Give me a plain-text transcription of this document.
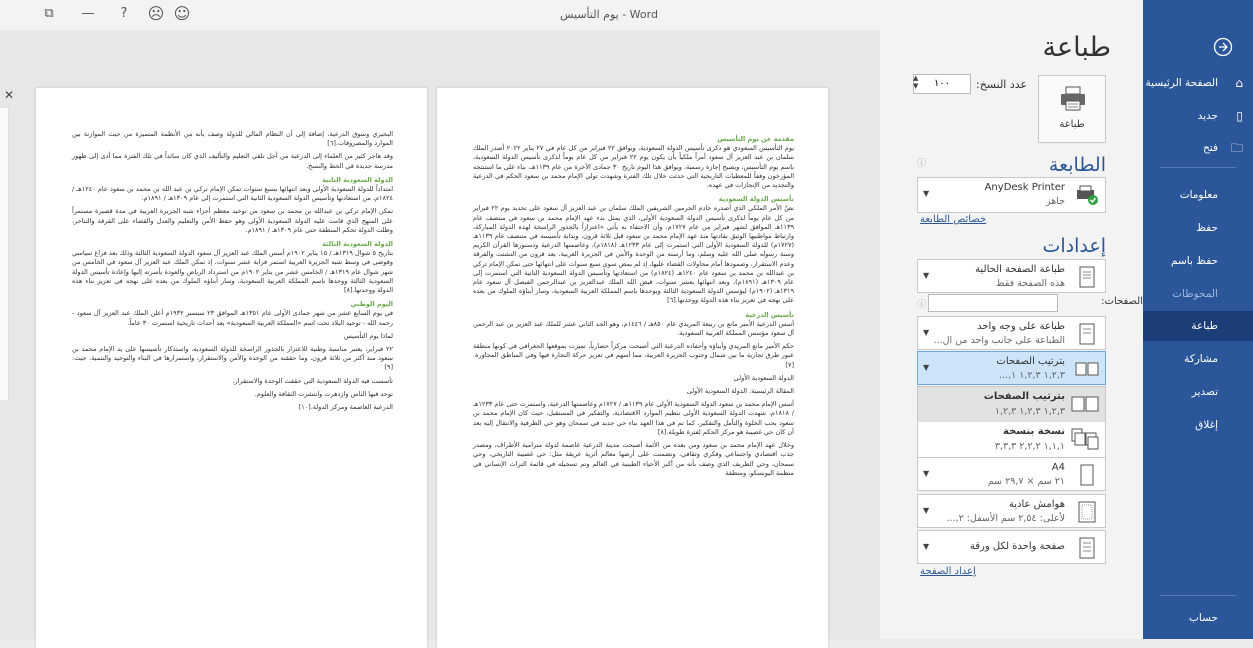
⧉	—	?	☹ ☺	يوم التأسيس - Word
✕
مقدمة عن يوم التأسيس

يوم التأسيس السعودي هو ذكرى تأسيس الدولة السعودية، ويوافق ٢٢ فبراير من كل عام في ٢٧ يناير ٢٠٢٢ أصدر الملك سلمان بن عبد العزيز آل سعود أمراً ملكياً بأن يكون يوم ٢٢ فبراير من كل عام يوماً لذكرى تأسيس الدولة السعودية، باسم يوم التأسيس، ويصبح إجازة رسمية، ويوافق هذا اليوم تاريخ ٣٠ جمادى الآخرة من عام ١١٣٩هـ، بناء على ما استنتجه المؤرخون وفقاً للمعطيات التاريخية التي حدثت خلال تلك الفترة وشهدت تولي الإمام محمد بن سعود الحكم في الدرعية والتجديد من الإنجازات في عهده.

تأسيس الدولة السعودية

نصّ الأمر الملكي الذي أصدره خادم الحرمين الشريفين الملك سلمان بن عبد العزيز آل سعود على تحديد يوم ٢٢ فبراير من كل عام يوماً لذكرى تأسيس الدولة السعودية الأولى، الذي يمثل بدء عهد الإمام محمد بن سعود في منتصف عام ١١٣٩هـ الموافق لشهر فبراير من عام ١٧٢٧م، وأن الاحتفاء به يأتي «اعتزازاً بالجذور الراسخة لهذه الدولة المباركة، وارتباط مواطنيها الوثيق بقادتها منذ عهد الإمام محمد بن سعود قبل ثلاثة قرون، وبداية تأسيسه في منتصف عام ١١٣٩هـ (١٧٢٧م) للدولة السعودية الأولى التي استمرت إلى عام ١٢٣٣هـ (١٨١٨م)، وعاصمتها الدرعية ودستورها القرآن الكريم وسنة رسوله صلى الله عليه وسلم، وما أرسته من الوحدة والأمن في الجزيرة العربية، بعد قرون من التشتت والفرقة وعدم الاستقرار، وصمودها أمام محاولات القضاء عليها، إذ لم يمض سوى سبع سنوات على انتهائها حتى تمكن الإمام تركي بن عبدالله بن محمد بن سعود عام ١٢٤٠هـ (١٨٢٤م) من استعادتها وتأسيس الدولة السعودية الثانية التي استمرت إلى عام ١٣٠٩هـ (١٨٩١م)، وبعد انتهائها بعشر سنوات، قيض الله الملك عبدالعزيز بن عبدالرحمن الفيصل آل سعود عام ١٣١٩هـ (١٩٠٢م) ليؤسس الدولة السعودية الثالثة ويوحدها باسم المملكة العربية السعودية، وسار أبناؤه الملوك من بعده على نهجه في تعزيز بناء هذه الدولة ووحدتها.[٦]

تأسيس الدرعية

أسس الدرعية الأمير مانع بن ربيعة المريدي عام ٨٥٠هـ / ١٤٤٦م، وهو الجد الثاني عشر للملك عبد العزيز بن عبد الرحمن آل سعود مؤسس المملكة العربية السعودية.

حكم الأمير مانع المريدي وأبناؤه وأحفاده الدرعية التي أصبحت مركزاً حضارياً، تميزت بموقعها الجغرافي في كونها منطقة عبور طرق تجارية ما بين شمال وجنوب الجزيرة العربية، مما أسهم في تعزيز حركة التجارة فيها وفي المناطق المجاورة.[٧]

الدولة السعودية الأولى

المقالة الرئيسية: الدولة السعودية الأولى

أسس الإمام محمد بن سعود الدولة السعودية الأولى عام ١١٣٩هـ / ١٧٢٧م وعاصمتها الدرعية، واستمرت حتى عام ١٢٣٣هـ / ١٨١٨م، شهدت الدولة السعودية الأولى تنظيم الموارد الاقتصادية، والتفكير في المستقبل، حيث كان الإمام محمد بن سعود يحب الخلوة والتأمل والتفكير، كما تم في هذا العهد بناء حي جديد في سمحان وهو حي الطرفية والانتقال إليه بعد أن كان حي غصيبة هو مركز الحكم لفترة طويلة.[٨]

وخلال عهد الإمام محمد بن سعود ومن بعده من الأئمة أصبحت مدينة الدرعية عاصمة لدولة مترامية الأطراف، ومصدر جذب اقتصادي واجتماعي وفكري وثقافي، وتضمنت على أرضها معالم أثرية عريقة مثل: حي غصيبة التاريخي، وحي سمحان، وحي الطريف الذي وصف بأنه من أكبر الأحياء الطينية في العالم وتم تسجيله في قائمة التراث الإنساني في منظمة اليونسكو، ومنطقة

البحيري وسوق الدرعية، إضافة إلى أن النظام المالي للدولة وصف بأنه من الأنظمة المتميزة من حيث الموازنة بين الموارد والمصروفات.[٦]

وقد هاجر كثير من العلماء إلى الدرعية من أجل تلقي التعليم والتأليف الذي كان سائداً في تلك الفترة مما أدى إلى ظهور مدرسة جديدة في الخط والنسخ.

الدولة السعودية الثانية

امتداداً للدولة السعودية الأولى وبعد انتهائها بسبع سنوات تمكن الإمام تركي بن عبد الله بن محمد بن سعود عام ١٢٤٠هـ / ١٨٢٤م، من استعادتها وتأسيس الدولة السعودية الثانية التي استمرت إلى عام ١٣٠٩هـ / ١٨٩١م.

تمكن الإمام تركي بن عبدالله بن محمد بن سعود من توحيد معظم أجزاء شبه الجزيرة العربية في مدة قصيرة مستمراً على المنهج الذي قامت عليه الدولة السعودية الأولى وهو حفظ الأمن والتعليم والعدل والقضاء على الفرقة والتناحر، وظلت الدولة تحكم المنطقة حتى عام ١٣٠٩هـ / ١٨٩١م.

الدولة السعودية الثالثة

بتاريخ ٥ شوال ١٣١٩هـ / ١٥ يناير ١٩٠٢م أسس الملك عبد العزيز آل سعود الدولة السعودية الثالثة وذلك بعد فراغ سياسي وفوضى في وسط شبه الجزيرة العربية استمر قرابة عشر سنوات، إذ تمكن الملك عبد العزيز آل سعود في الخامس من شهر شوال عام ١٣١٩هـ / الخامس عشر من يناير ١٩٠٢م من استرداد الرياض والعودة بأسرته إليها وإعادة تأسيس الدولة السعودية الثالثة ووحدها باسم المملكة العربية السعودية، وسار أبناؤه الملوك من بعده على نهجه في تعزيز بناء هذه الدولة ووحدتها.[٨]

اليوم الوطني

في يوم السابع عشر من شهر جمادى الأولى عام ١٣٥١هـ الموافق ٢٣ سبتمبر ١٩٣٢م أعلن الملك عبد العزيز آل سعود - رحمه الله - توحيد البلاد تحت اسم «المملكة العربية السعودية» بعد أحداث تاريخية استمرت ٣٠ عاماً.

لماذا يوم التأسيس

٢٢ فبراير، يعتبر مناسبة وطنية للاعتزاز بالجذور الراسخة للدولة السعودية، واستذكار تأسيسها على يد الإمام محمد بن سعود منذ أكثر من ثلاثة قرون، وما حققته من الوحدة والأمن والاستقرار، واستمرارها في البناء والتوحيد والتنمية. حيث:[٩]

تأسست فيه الدولة السعودية التي حققت الوحدة والاستقرار.

توحد فيها الناس وازدهرت وانتشرت الثقافة والعلوم.

الدرعية العاصمة ومركز الدولة.[١٠]

طباعة
طباعة
عدد النسخ:
١٠٠
▲
▼
الطابعة
ⓘ
AnyDesk Printer
جاهز
▼
خصائص الطابعة
إعدادات
طباعة الصفحة الحالية
هذه الصفحة فقط
▼
الصفحات:
ⓘ
طباعة على وجه واحد
الطباعة على جانب واحد من ال...
▼
بترتيب الصفحات
١,٢,٣ ١,٢,٣ ١,...
▼
بترتيب الصفحات
١,٢,٣ ١,٢,٣ ١,٢,٣
نسخة بنسخة
١,١,١ ٢,٢,٢ ٣,٣,٣
A4
٢١ سم × ٢٩,٧ سم
▼
هوامش عادية
لأعلى: ٢,٥٤ سم الأسفل: ٢,...
▼
صفحة واحدة لكل ورقة
▼
إعداد الصفحة
⌂
الصفحة الرئيسية
▯
جديد
🗀
فتح
معلومات
حفظ
حفظ باسم
المحوطات
طباعة
مشاركة
تصدير
إغلاق
حساب
